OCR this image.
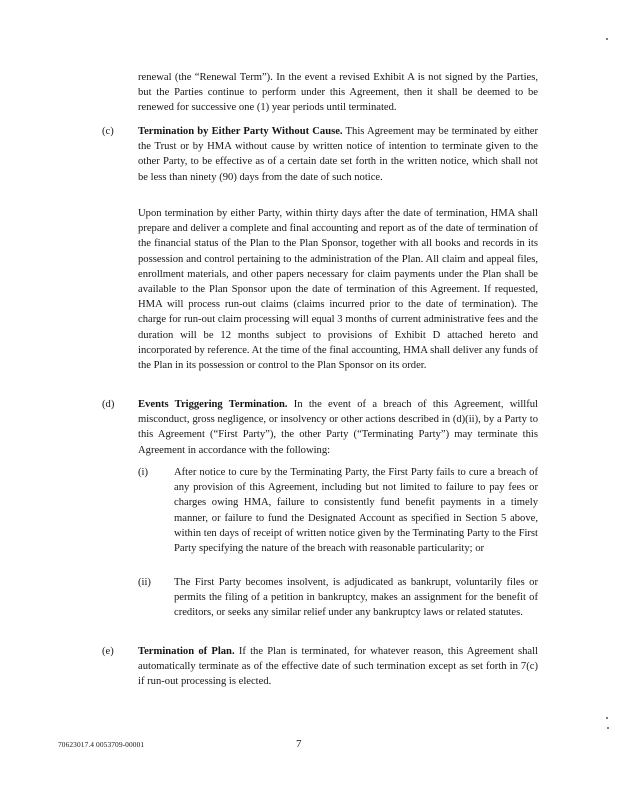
renewal (the “Renewal Term”). In the event a revised Exhibit A is not signed by the Parties, but the Parties continue to perform under this Agreement, then it shall be deemed to be renewed for successive one (1) year periods until terminated.

(c) Termination by Either Party Without Cause. This Agreement may be terminated by either the Trust or by HMA without cause by written notice of intention to terminate given to the other Party, to be effective as of a certain date set forth in the written notice, which shall not be less than ninety (90) days from the date of such notice.

Upon termination by either Party, within thirty days after the date of termination, HMA shall prepare and deliver a complete and final accounting and report as of the date of termination of the financial status of the Plan to the Plan Sponsor, together with all books and records in its possession and control pertaining to the administration of the Plan. All claim and appeal files, enrollment materials, and other papers necessary for claim payments under the Plan shall be available to the Plan Sponsor upon the date of termination of this Agreement. If requested, HMA will process run-out claims (claims incurred prior to the date of termination). The charge for run-out claim processing will equal 3 months of current administrative fees and the duration will be 12 months subject to provisions of Exhibit D attached hereto and incorporated by reference. At the time of the final accounting, HMA shall deliver any funds of the Plan in its possession or control to the Plan Sponsor on its order.

(d) Events Triggering Termination. In the event of a breach of this Agreement, willful misconduct, gross negligence, or insolvency or other actions described in (d)(ii), by a Party to this Agreement (“First Party”), the other Party (“Terminating Party”) may terminate this Agreement in accordance with the following:

(i) After notice to cure by the Terminating Party, the First Party fails to cure a breach of any provision of this Agreement, including but not limited to failure to pay fees or charges owing HMA, failure to consistently fund benefit payments in a timely manner, or failure to fund the Designated Account as specified in Section 5 above, within ten days of receipt of written notice given by the Terminating Party to the First Party specifying the nature of the breach with reasonable particularity; or

(ii) The First Party becomes insolvent, is adjudicated as bankrupt, voluntarily files or permits the filing of a petition in bankruptcy, makes an assignment for the benefit of creditors, or seeks any similar relief under any bankruptcy laws or related statutes.

(e) Termination of Plan. If the Plan is terminated, for whatever reason, this Agreement shall automatically terminate as of the effective date of such termination except as set forth in 7(c) if run-out processing is elected.

70623017.4 0053709-00001	7
